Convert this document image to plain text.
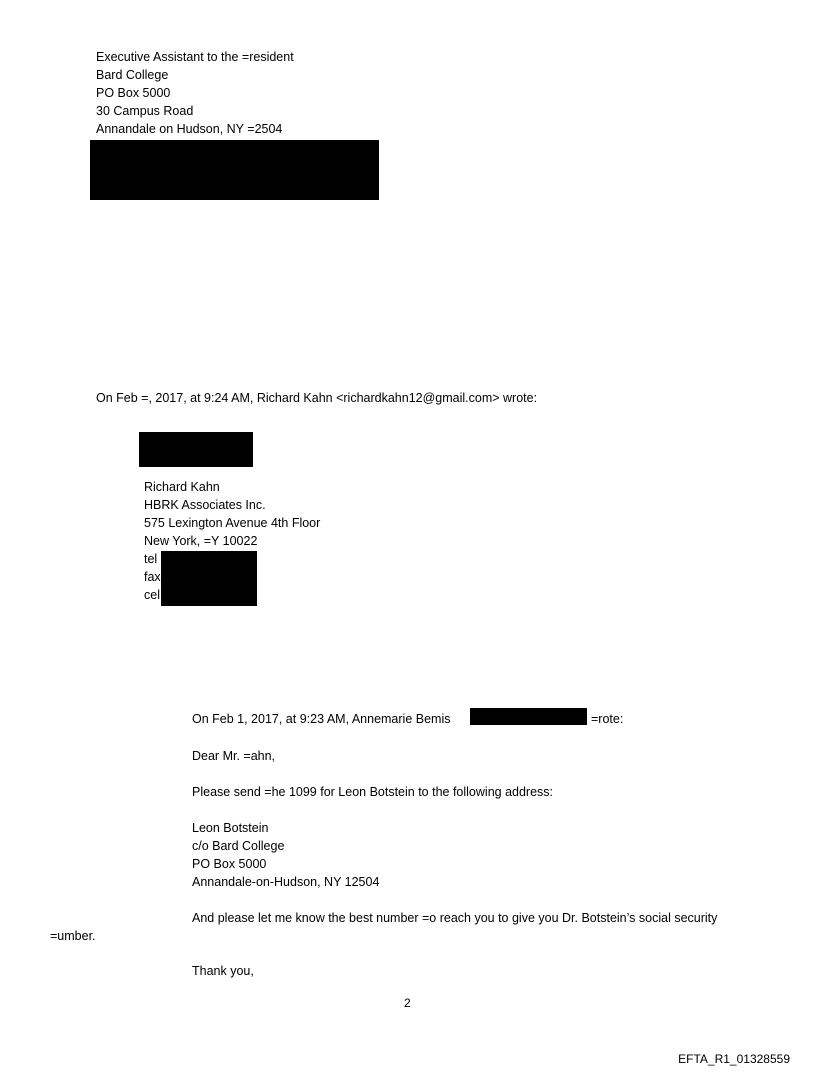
Executive Assistant to the =resident
Bard College
PO Box 5000
30 Campus Road
Annandale on Hudson, NY =2504
On Feb =, 2017, at 9:24 AM, Richard Kahn <richardkahn12@gmail.com> wrote:
Richard Kahn
HBRK Associates Inc.
575 Lexington Avenue 4th Floor
New York, =Y 10022
tel
fax
cel
On Feb 1, 2017, at 9:23 AM, Annemarie Bemis	=rote:
Dear Mr. =ahn,
Please send =he 1099 for Leon Botstein to the following address:
Leon Botstein
c/o Bard College
PO Box 5000
Annandale-on-Hudson, NY 12504
And please let me know the best number =o reach you to give you Dr. Botstein’s social security
=umber.
Thank you,
2
EFTA_R1_01328559
